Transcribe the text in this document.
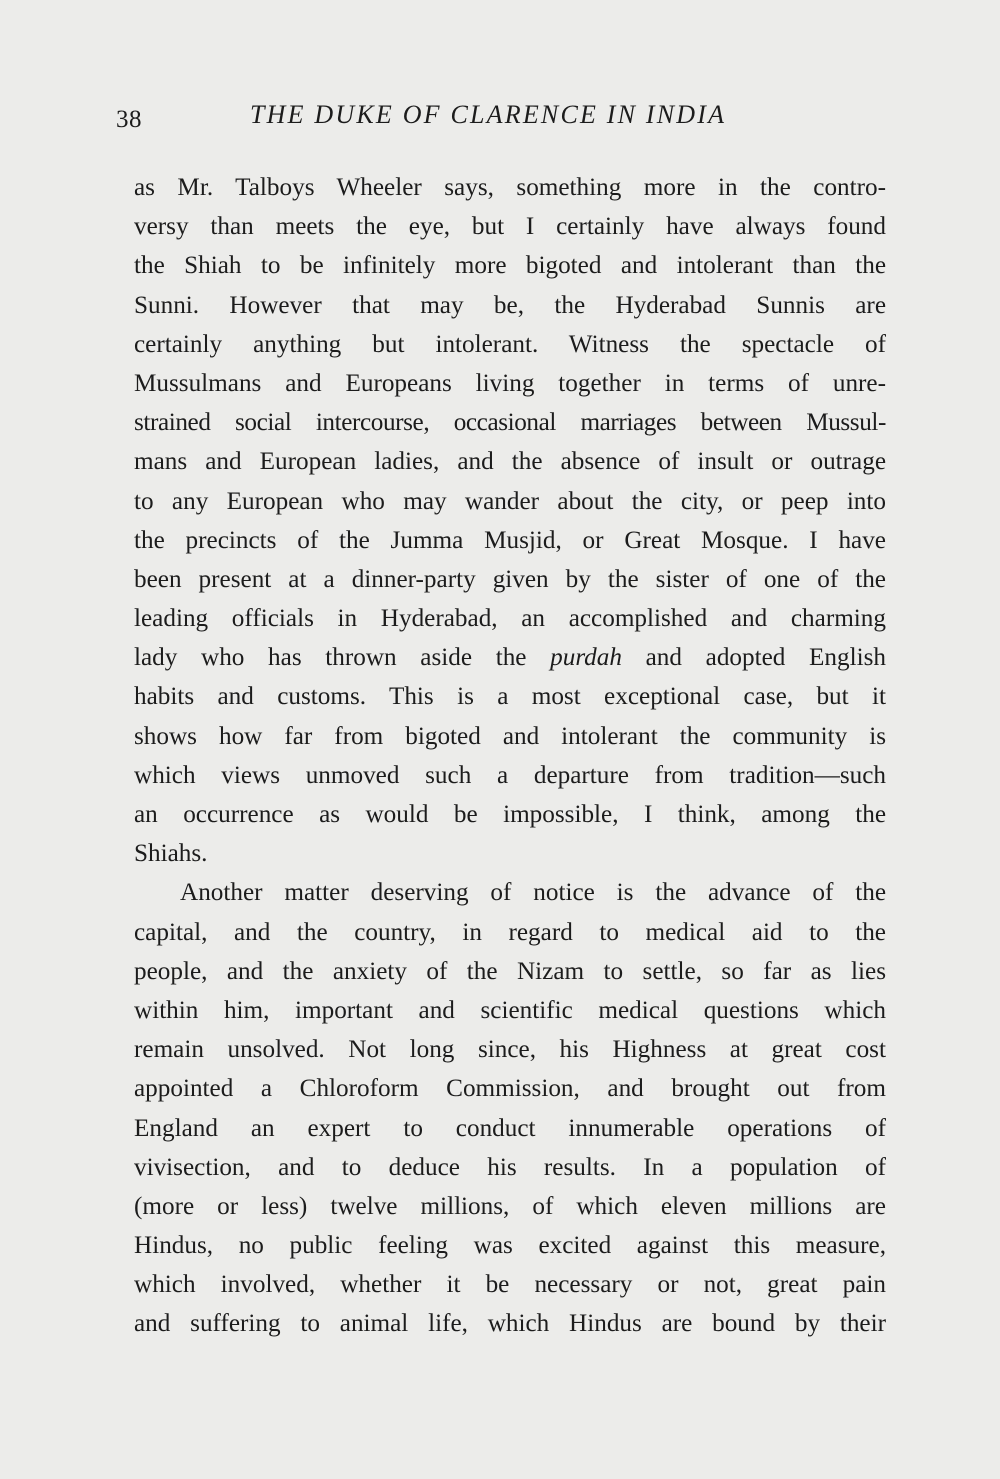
38	THE DUKE OF CLARENCE IN INDIA
as Mr. Talboys Wheeler says, something more in the contro-
versy than meets the eye, but I certainly have always found
the Shiah to be infinitely more bigoted and intolerant than the
Sunni. However that may be, the Hyderabad Sunnis are
certainly anything but intolerant. Witness the spectacle of
Mussulmans and Europeans living together in terms of unre-
strained social intercourse, occasional marriages between Mussul-
mans and European ladies, and the absence of insult or outrage
to any European who may wander about the city, or peep into
the precincts of the Jumma Musjid, or Great Mosque. I have
been present at a dinner-party given by the sister of one of the
leading officials in Hyderabad, an accomplished and charming
lady who has thrown aside the purdah and adopted English
habits and customs. This is a most exceptional case, but it
shows how far from bigoted and intolerant the community is
which views unmoved such a departure from tradition—such
an occurrence as would be impossible, I think, among the
Shiahs.
Another matter deserving of notice is the advance of the
capital, and the country, in regard to medical aid to the
people, and the anxiety of the Nizam to settle, so far as lies
within him, important and scientific medical questions which
remain unsolved. Not long since, his Highness at great cost
appointed a Chloroform Commission, and brought out from
England an expert to conduct innumerable operations of
vivisection, and to deduce his results. In a population of
(more or less) twelve millions, of which eleven millions are
Hindus, no public feeling was excited against this measure,
which involved, whether it be necessary or not, great pain
and suffering to animal life, which Hindus are bound by their
